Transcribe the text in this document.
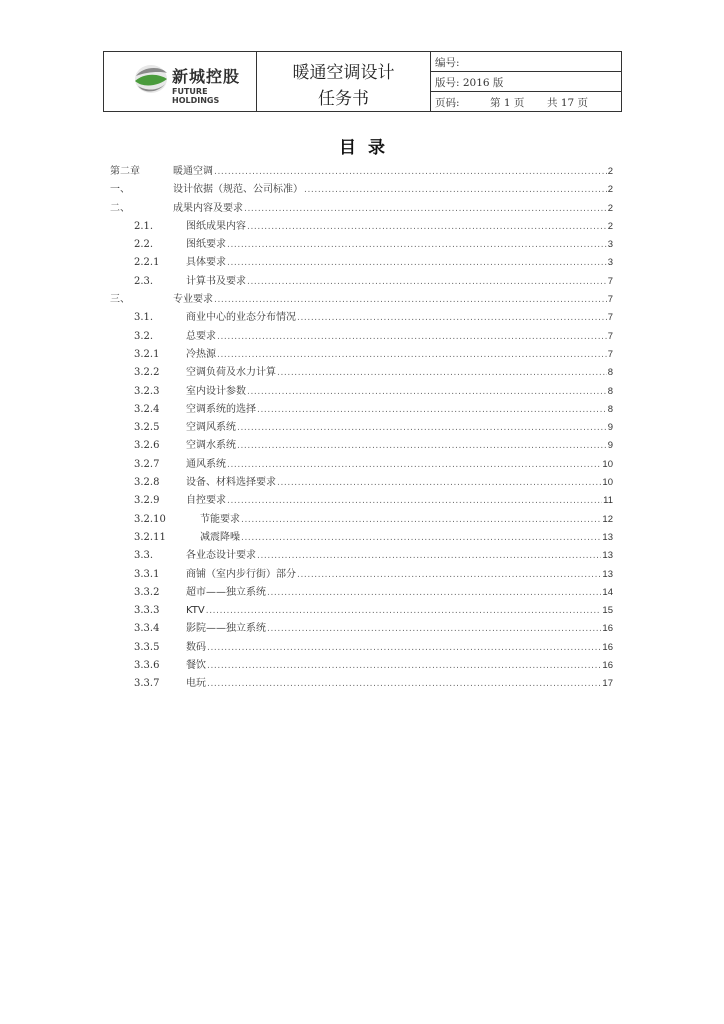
新城控股
FUTURE
HOLDINGS
暖通空调设计
任务书
编号:
版号: 2016 版
页码:	第 1 页 共 17 页
目录
第二章	暖通空调 .....	2
一、	设计依据（规范、公司标准） .....	2
二、	成果内容及要求 .....	2
2.1.	图纸成果内容 .....	2
2.2.	图纸要求 .....	3
2.2.1	具体要求 .....	3
2.3.	计算书及要求 .....	7
三、	专业要求 .....	7
3.1.	商业中心的业态分布情况 .....	7
3.2.	总要求 .....	7
3.2.1	冷热源 .....	7
3.2.2	空调负荷及水力计算 .....	8
3.2.3	室内设计参数 .....	8
3.2.4	空调系统的选择 .....	8
3.2.5	空调风系统 .....	9
3.2.6	空调水系统 .....	9
3.2.7	通风系统 .....	10
3.2.8	设备、材料选择要求 .....	10
3.2.9	自控要求 .....	11
3.2.10	节能要求 .....	12
3.2.11	减震降噪 .....	13
3.3.	各业态设计要求 .....	13
3.3.1	商铺（室内步行街）部分 .....	13
3.3.2	超市——独立系统 .....	14
3.3.3	KTV .....	15
3.3.4	影院——独立系统 .....	16
3.3.5	数码 .....	16
3.3.6	餐饮 .....	16
3.3.7	电玩 .....	17
